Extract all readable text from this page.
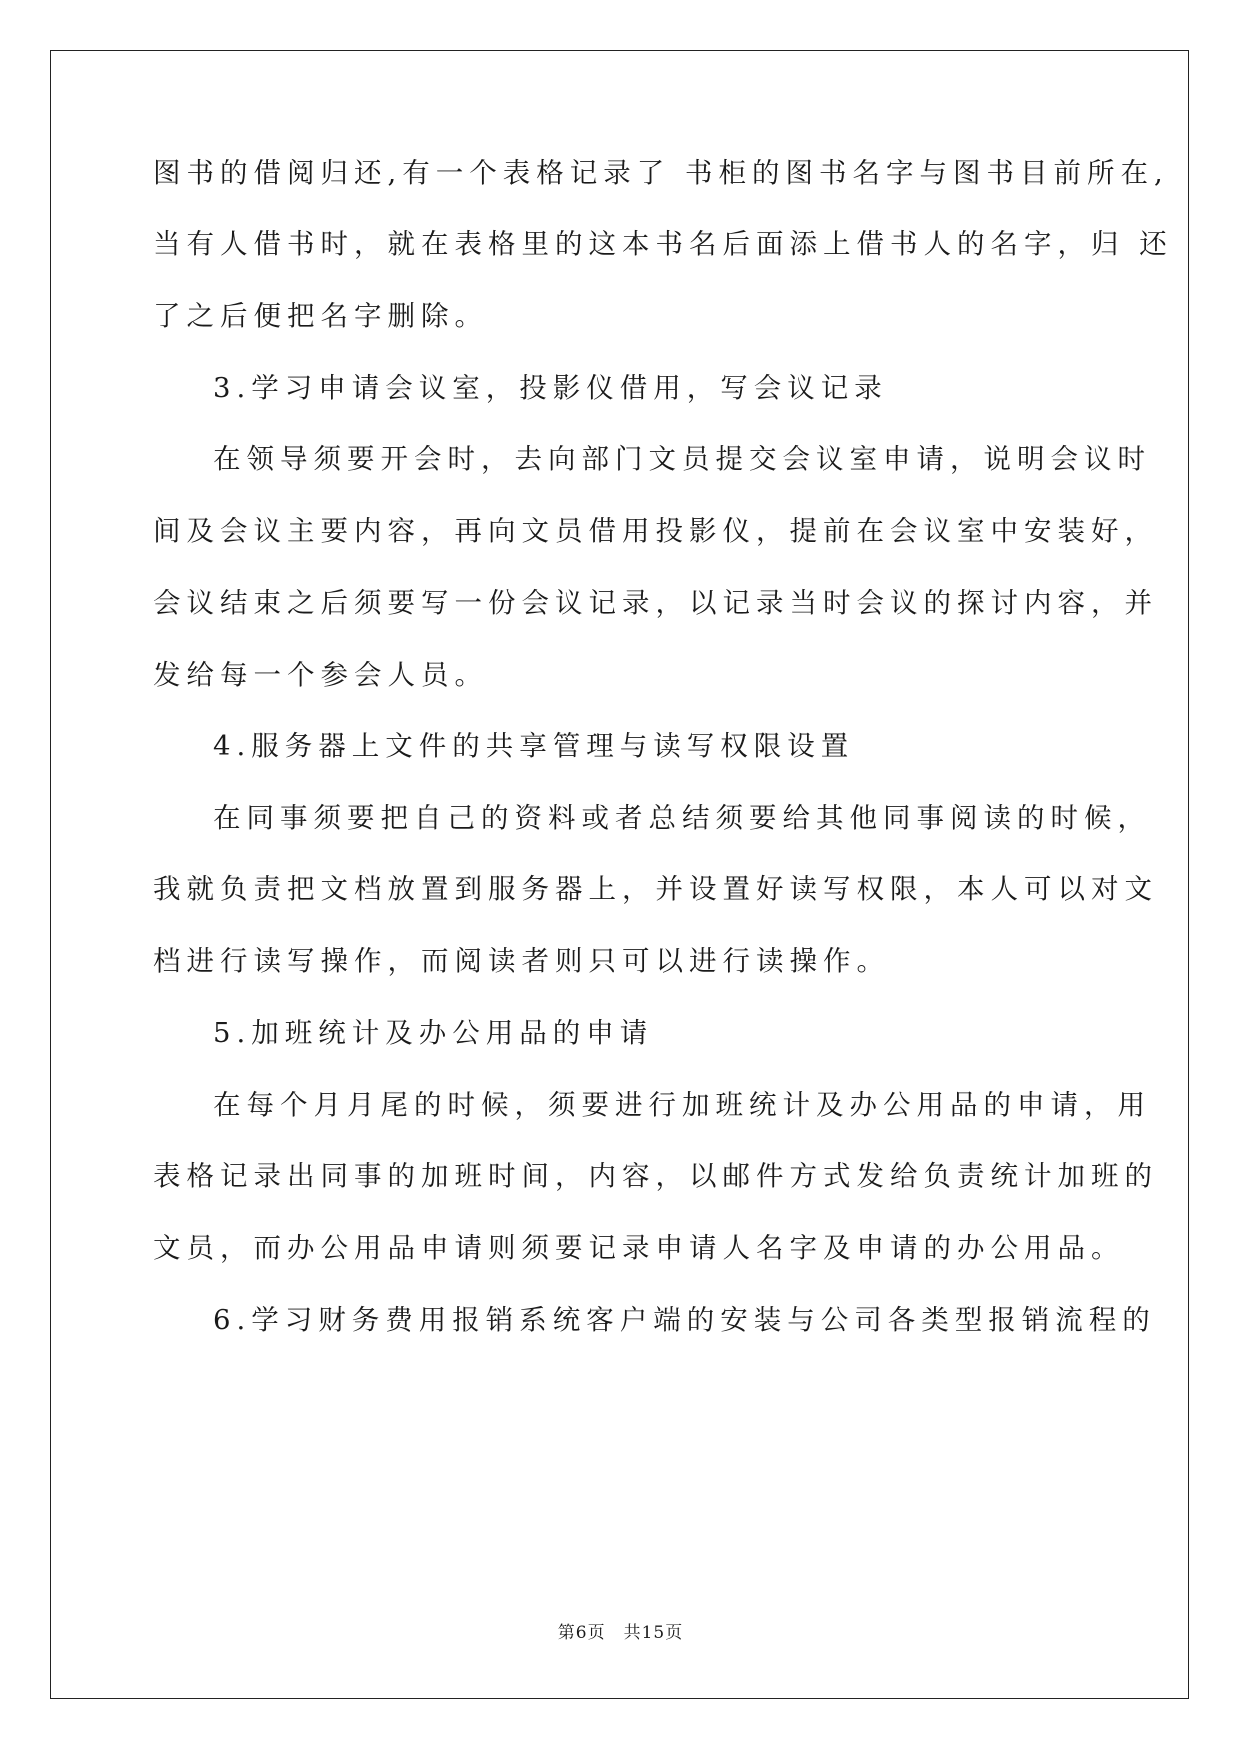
图书的借阅归还,有一个表格记录了 书柜的图书名字与图书目前所在,
当有人借书时，就在表格里的这本书名后面添上借书人的名字，归 还
了之后便把名字删除。
3.学习申请会议室，投影仪借用，写会议记录
在领导须要开会时，去向部门文员提交会议室申请，说明会议时
间及会议主要内容，再向文员借用投影仪，提前在会议室中安装好，
会议结束之后须要写一份会议记录，以记录当时会议的探讨内容，并
发给每一个参会人员。
4.服务器上文件的共享管理与读写权限设置
在同事须要把自己的资料或者总结须要给其他同事阅读的时候，
我就负责把文档放置到服务器上，并设置好读写权限，本人可以对文
档进行读写操作，而阅读者则只可以进行读操作。
5.加班统计及办公用品的申请
在每个月月尾的时候，须要进行加班统计及办公用品的申请，用
表格记录出同事的加班时间，内容，以邮件方式发给负责统计加班的
文员，而办公用品申请则须要记录申请人名字及申请的办公用品。
6.学习财务费用报销系统客户端的安装与公司各类型报销流程的
第6页 共15页
